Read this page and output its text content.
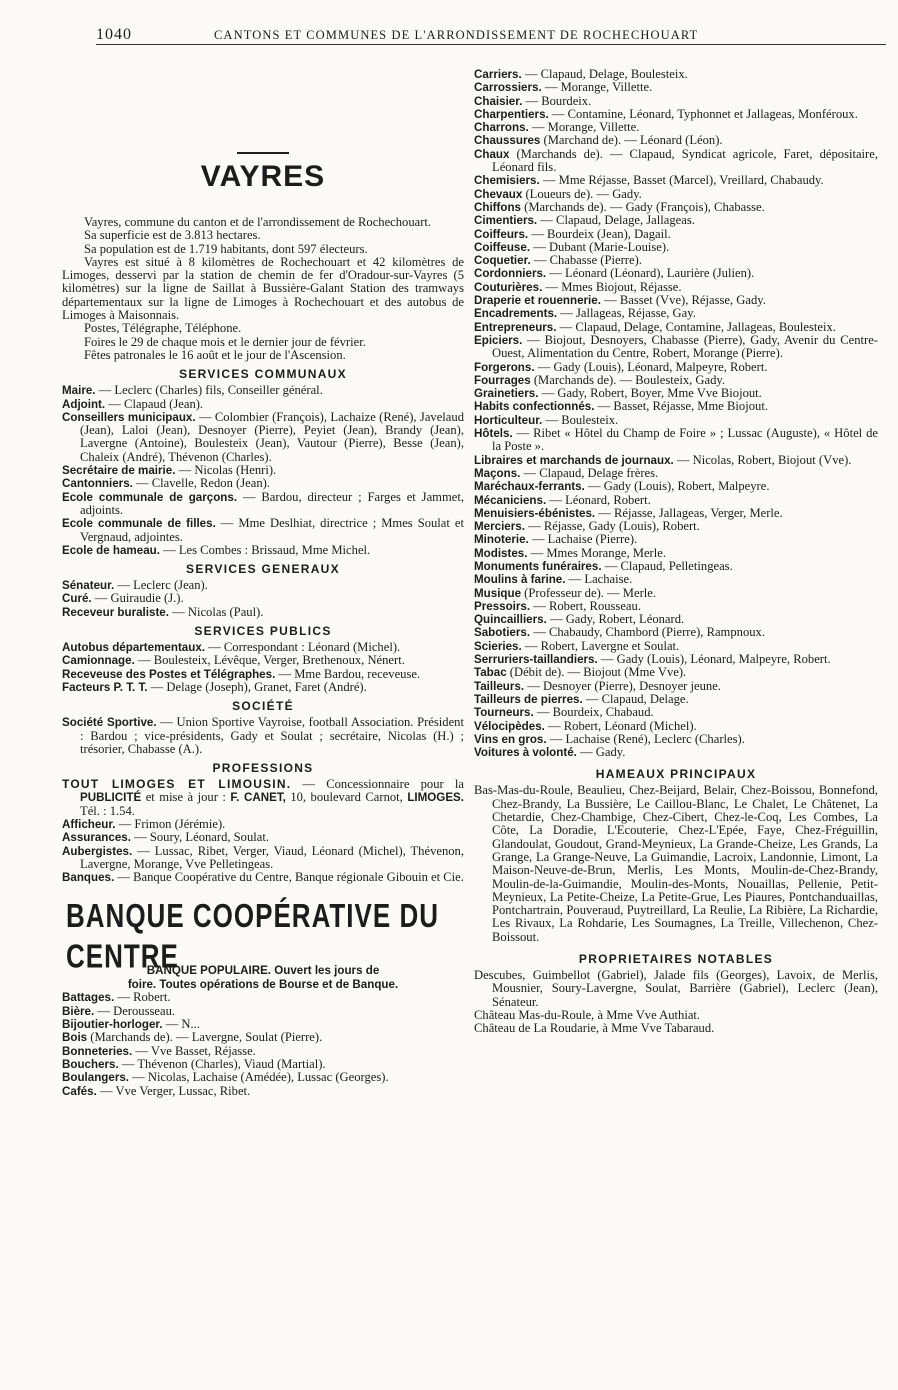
1040	CANTONS ET COMMUNES DE L'ARRONDISSEMENT DE ROCHECHOUART
VAYRES

Vayres, commune du canton et de l'arrondissement de Rochechouart.

Sa superficie est de 3.813 hectares.

Sa population est de 1.719 habitants, dont 597 électeurs.

Vayres est situé à 8 kilomètres de Rochechouart et 42 kilomètres de Limoges, desservi par la station de chemin de fer d'Oradour-sur-Vayres (5 kilomètres) sur la ligne de Saillat à Bussière-Galant Station des tramways départementaux sur la ligne de Limoges à Rochechouart et des autobus de Limoges à Maisonnais.

Postes, Télégraphe, Téléphone.

Foires le 29 de chaque mois et le dernier jour de février.

Fêtes patronales le 16 août et le jour de l'Ascension.

SERVICES COMMUNAUX

Maire. — Leclerc (Charles) fils, Conseiller général.

Adjoint. — Clapaud (Jean).

Conseillers municipaux. — Colombier (François), Lachaize (René), Javelaud (Jean), Laloi (Jean), Desnoyer (Pierre), Peyiet (Jean), Brandy (Jean), Lavergne (Antoine), Boulesteix (Jean), Vautour (Pierre), Besse (Jean), Chaleix (André), Thévenon (Charles).

Secrétaire de mairie. — Nicolas (Henri).

Cantonniers. — Clavelle, Redon (Jean).

Ecole communale de garçons. — Bardou, directeur ; Farges et Jammet, adjoints.

Ecole communale de filles. — Mme Deslhiat, directrice ; Mmes Soulat et Vergnaud, adjointes.

Ecole de hameau. — Les Combes : Brissaud, Mme Michel.

SERVICES GENERAUX

Sénateur. — Leclerc (Jean).

Curé. — Guiraudie (J.).

Receveur buraliste. — Nicolas (Paul).

SERVICES PUBLICS

Autobus départementaux. — Correspondant : Léonard (Michel).

Camionnage. — Boulesteix, Lévêque, Verger, Brethenoux, Nénert.

Receveuse des Postes et Télégraphes. — Mme Bardou, receveuse.

Facteurs P. T. T. — Delage (Joseph), Granet, Faret (André).

SOCIÉTÉ

Société Sportive. — Union Sportive Vayroise, football Association. Président : Bardou ; vice-présidents, Gady et Soulat ; secrétaire, Nicolas (H.) ; trésorier, Chabasse (A.).

PROFESSIONS

TOUT LIMOGES ET LIMOUSIN. — Concessionnaire pour la PUBLICITÉ et mise à jour : F. CANET, 10, boulevard Carnot, LIMOGES. Tél. : 1.54.

Afficheur. — Frimon (Jérémie).

Assurances. — Soury, Léonard, Soulat.

Aubergistes. — Lussac, Ribet, Verger, Viaud, Léonard (Michel), Thévenon, Lavergne, Morange, Vve Pelletingeas.

Banques. — Banque Coopérative du Centre, Banque régionale Gibouin et Cie.

BANQUE COOPÉRATIVE DU CENTRE
BANQUE POPULAIRE. Ouvert les jours de
foire. Toutes opérations de Bourse et de Banque.

Battages. — Robert.

Bière. — Derousseau.

Bijoutier-horloger. — N...

Bois (Marchands de). — Lavergne, Soulat (Pierre).

Bonneteries. — Vve Basset, Réjasse.

Bouchers. — Thévenon (Charles), Viaud (Martial).

Boulangers. — Nicolas, Lachaise (Amédée), Lussac (Georges).

Cafés. — Vve Verger, Lussac, Ribet.

Carriers. — Clapaud, Delage, Boulesteix.

Carrossiers. — Morange, Villette.

Chaisier. — Bourdeix.

Charpentiers. — Contamine, Léonard, Typhonnet et Jallageas, Monféroux.

Charrons. — Morange, Villette.

Chaussures (Marchand de). — Léonard (Léon).

Chaux (Marchands de). — Clapaud, Syndicat agricole, Faret, dépositaire, Léonard fils.

Chemisiers. — Mme Réjasse, Basset (Marcel), Vreillard, Chabaudy.

Chevaux (Loueurs de). — Gady.

Chiffons (Marchands de). — Gady (François), Chabasse.

Cimentiers. — Clapaud, Delage, Jallageas.

Coiffeurs. — Bourdeix (Jean), Dagail.

Coiffeuse. — Dubant (Marie-Louise).

Coquetier. — Chabasse (Pierre).

Cordonniers. — Léonard (Léonard), Laurière (Julien).

Couturières. — Mmes Biojout, Réjasse.

Draperie et rouennerie. — Basset (Vve), Réjasse, Gady.

Encadrements. — Jallageas, Réjasse, Gay.

Entrepreneurs. — Clapaud, Delage, Contamine, Jallageas, Boulesteix.

Epiciers. — Biojout, Desnoyers, Chabasse (Pierre), Gady, Avenir du Centre-Ouest, Alimentation du Centre, Robert, Morange (Pierre).

Forgerons. — Gady (Louis), Léonard, Malpeyre, Robert.

Fourrages (Marchands de). — Boulesteix, Gady.

Grainetiers. — Gady, Robert, Boyer, Mme Vve Biojout.

Habits confectionnés. — Basset, Réjasse, Mme Biojout.

Horticulteur. — Boulesteix.

Hôtels. — Ribet « Hôtel du Champ de Foire » ; Lussac (Auguste), « Hôtel de la Poste ».

Libraires et marchands de journaux. — Nicolas, Robert, Biojout (Vve).

Maçons. — Clapaud, Delage frères.

Maréchaux-ferrants. — Gady (Louis), Robert, Malpeyre.

Mécaniciens. — Léonard, Robert.

Menuisiers-ébénistes. — Réjasse, Jallageas, Verger, Merle.

Merciers. — Réjasse, Gady (Louis), Robert.

Minoterie. — Lachaise (Pierre).

Modistes. — Mmes Morange, Merle.

Monuments funéraires. — Clapaud, Pelletingeas.

Moulins à farine. — Lachaise.

Musique (Professeur de). — Merle.

Pressoirs. — Robert, Rousseau.

Quincailliers. — Gady, Robert, Léonard.

Sabotiers. — Chabaudy, Chambord (Pierre), Rampnoux.

Scieries. — Robert, Lavergne et Soulat.

Serruriers-taillandiers. — Gady (Louis), Léonard, Malpeyre, Robert.

Tabac (Débit de). — Biojout (Mme Vve).

Tailleurs. — Desnoyer (Pierre), Desnoyer jeune.

Tailleurs de pierres. — Clapaud, Delage.

Tourneurs. — Bourdeix, Chabaud.

Vélocipèdes. — Robert, Léonard (Michel).

Vins en gros. — Lachaise (René), Leclerc (Charles).

Voitures à volonté. — Gady.

HAMEAUX PRINCIPAUX

Bas-Mas-du-Roule, Beaulieu, Chez-Beijard, Belair, Chez-Boissou, Bonnefond, Chez-Brandy, La Bussière, Le Caillou-Blanc, Le Chalet, Le Châtenet, La Chetardie, Chez-Chambige, Chez-Cibert, Chez-le-Coq, Les Combes, La Côte, La Doradie, L'Ecouterie, Chez-L'Epée, Faye, Chez-Fréguillin, Glandoulat, Goudout, Grand-Meynieux, La Grande-Cheize, Les Grands, La Grange, La Grange-Neuve, La Guimandie, Lacroix, Landonnie, Limont, La Maison-Neuve-de-Brun, Merlis, Les Monts, Moulin-de-Chez-Brandy, Moulin-de-la-Guimandie, Moulin-des-Monts, Nouaillas, Pellenie, Petit-Meynieux, La Petite-Cheize, La Petite-Grue, Les Piaures, Pontchanduaillas, Pontchartrain, Pouveraud, Puytreillard, La Reulie, La Ribière, La Richardie, Les Rivaux, La Rohdarie, Les Soumagnes, La Treille, Villechenon, Chez-Boissout.

PROPRIETAIRES NOTABLES

Descubes, Guimbellot (Gabriel), Jalade fils (Georges), Lavoix, de Merlis, Mousnier, Soury-Lavergne, Soulat, Barrière (Gabriel), Leclerc (Jean), Sénateur.

Château Mas-du-Roule, à Mme Vve Authiat.

Château de La Roudarie, à Mme Vve Tabaraud.
